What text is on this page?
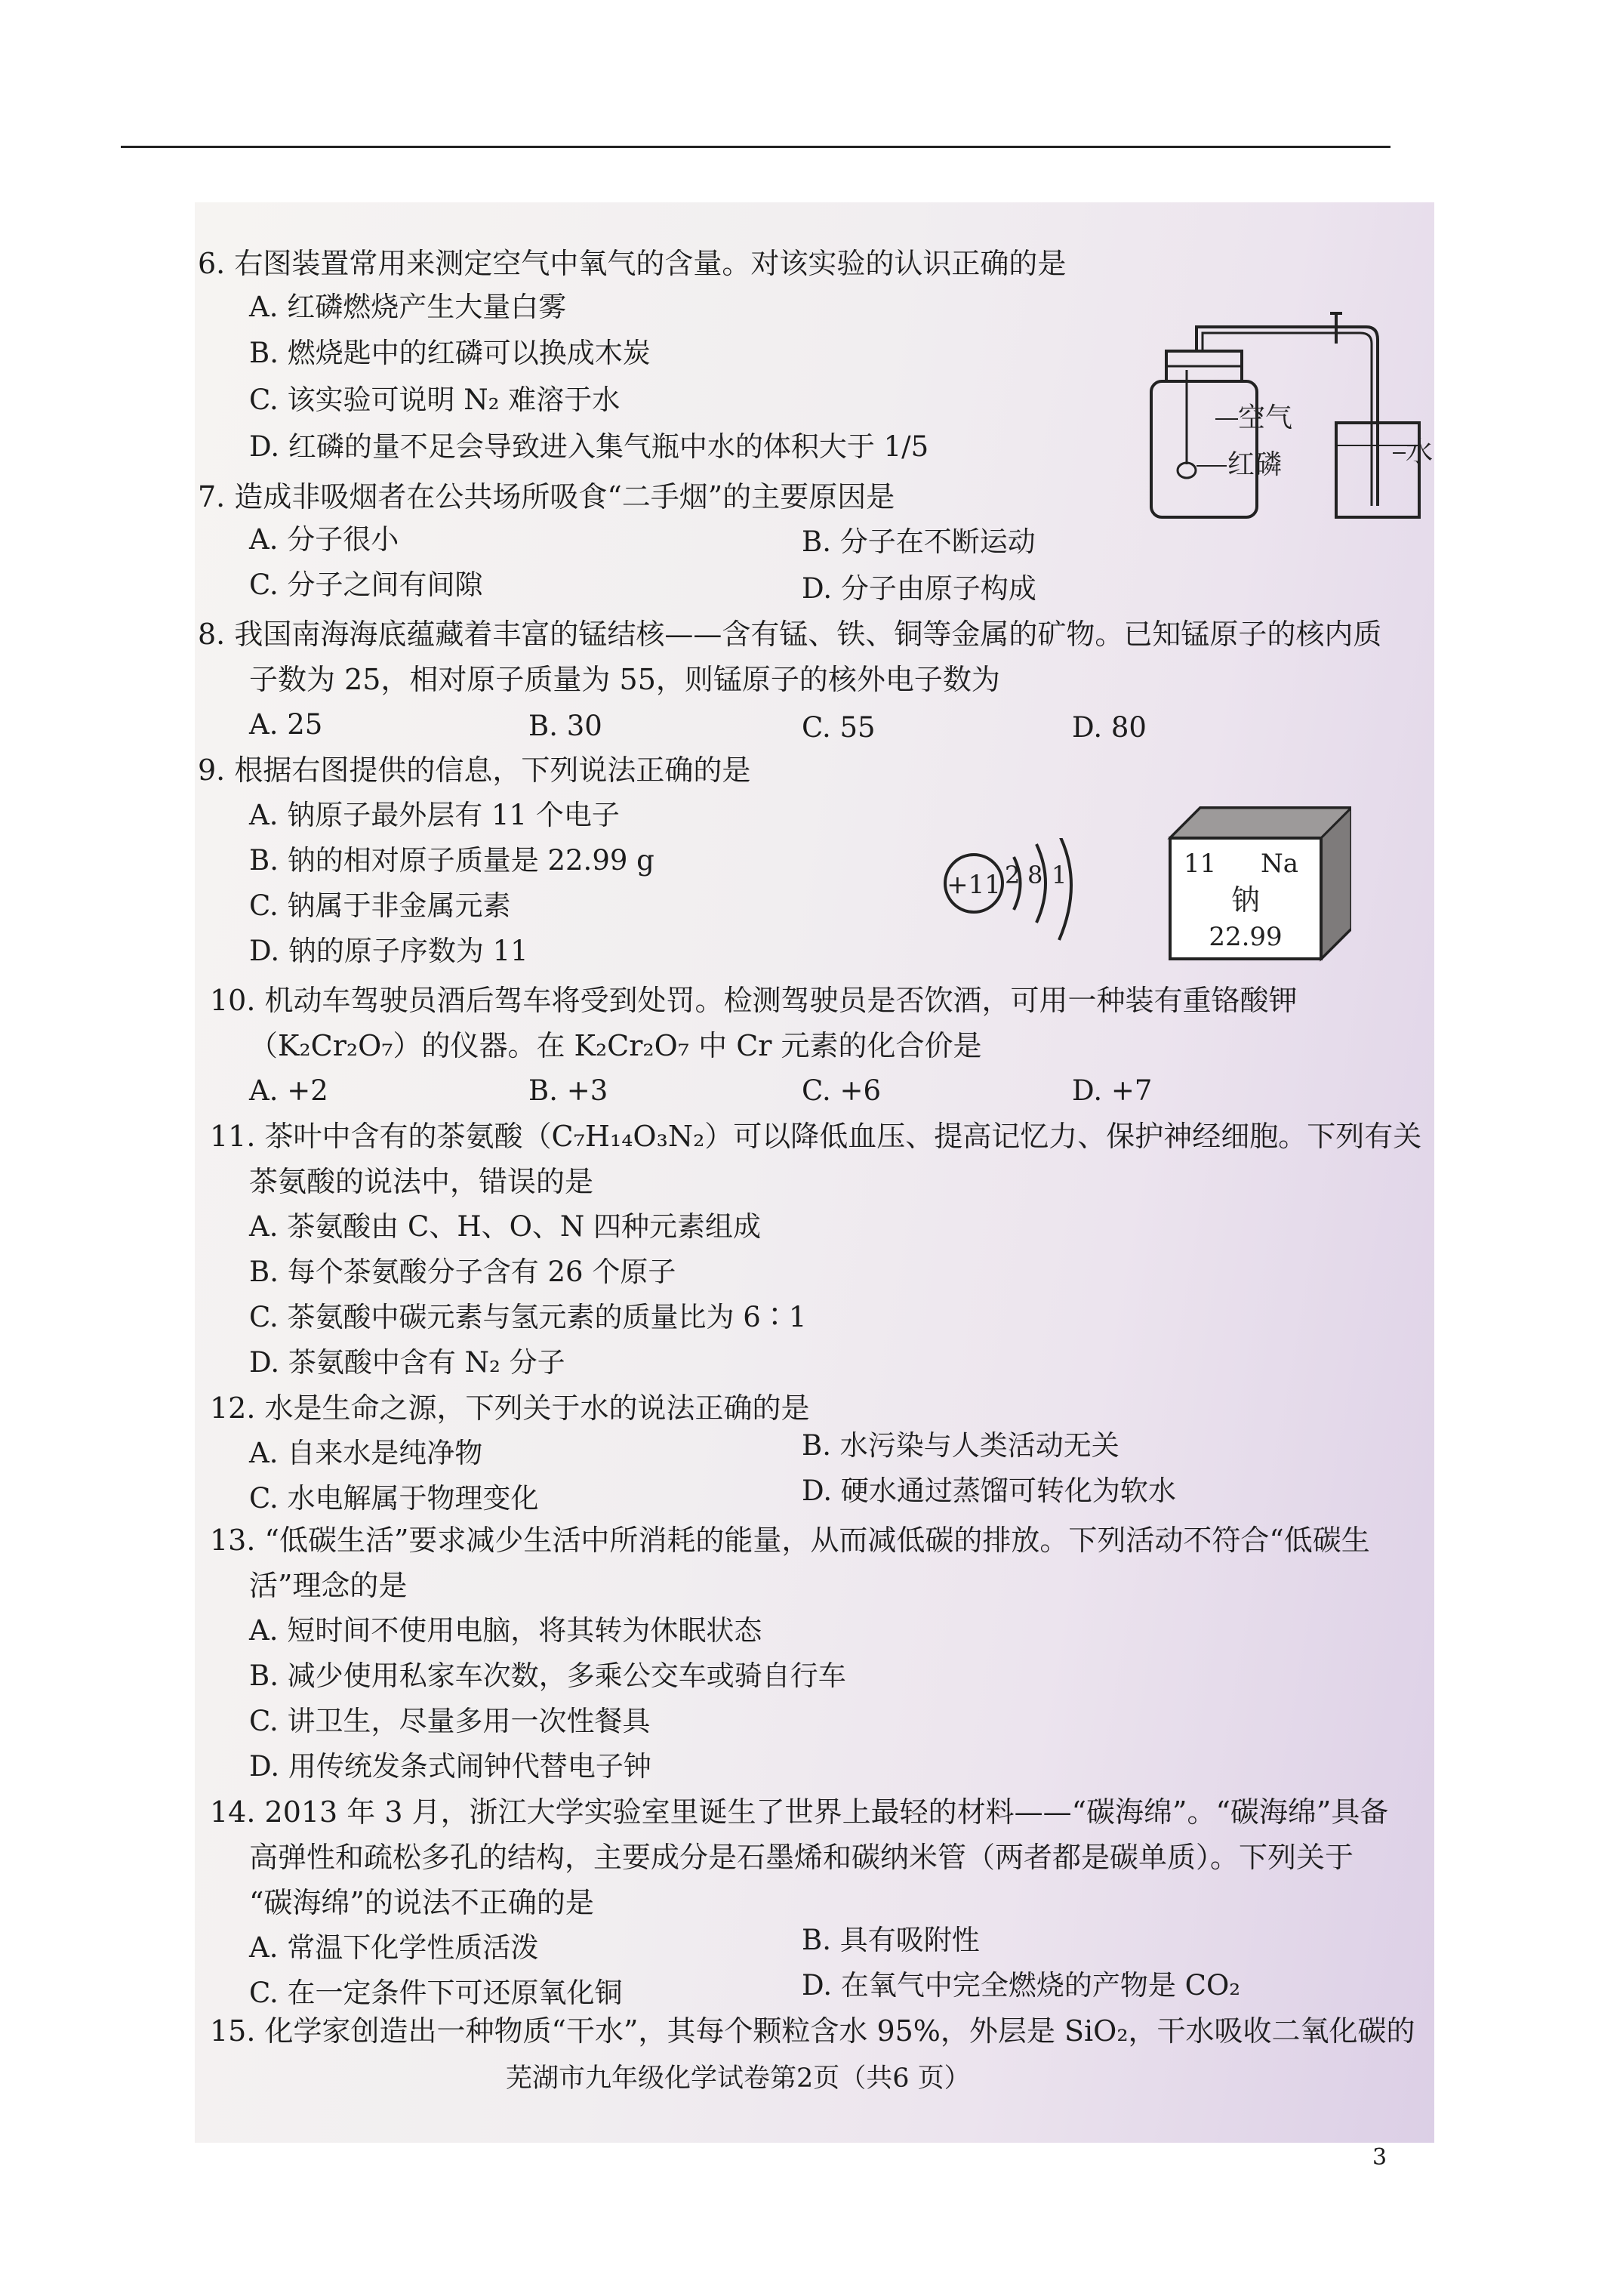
6. 右图装置常用来测定空气中氧气的含量。对该实验的认识正确的是
A. 红磷燃烧产生大量白雾
B. 燃烧匙中的红磷可以换成木炭
C. 该实验可说明 N₂ 难溶于水
D. 红磷的量不足会导致进入集气瓶中水的体积大于 1/5
空气
红磷	水
7. 造成非吸烟者在公共场所吸食“二手烟”的主要原因是
A. 分子很小	B. 分子在不断运动
C. 分子之间有间隙	D. 分子由原子构成
8. 我国南海海底蕴藏着丰富的锰结核——含有锰、铁、铜等金属的矿物。已知锰原子的核内质
子数为 25，相对原子质量为 55，则锰原子的核外电子数为
A. 25	B. 30	C. 55	D. 80
9. 根据右图提供的信息，下列说法正确的是
A. 钠原子最外层有 11 个电子
B. 钠的相对原子质量是 22.99 g
C. 钠属于非金属元素
D. 钠的原子序数为 11
+11 2 8 1	11 Na
钠
22.99
10. 机动车驾驶员酒后驾车将受到处罚。检测驾驶员是否饮酒，可用一种装有重铬酸钾
（K₂Cr₂O₇）的仪器。在 K₂Cr₂O₇ 中 Cr 元素的化合价是
A. +2	B. +3	C. +6	D. +7
11. 茶叶中含有的茶氨酸（C₇H₁₄O₃N₂）可以降低血压、提高记忆力、保护神经细胞。下列有关
茶氨酸的说法中，错误的是
A. 茶氨酸由 C、H、O、N 四种元素组成
B. 每个茶氨酸分子含有 26 个原子
C. 茶氨酸中碳元素与氢元素的质量比为 6∶1
D. 茶氨酸中含有 N₂ 分子
12. 水是生命之源，下列关于水的说法正确的是
A. 自来水是纯净物	B. 水污染与人类活动无关
C. 水电解属于物理变化	D. 硬水通过蒸馏可转化为软水
13. “低碳生活”要求减少生活中所消耗的能量，从而减低碳的排放。下列活动不符合“低碳生
活”理念的是
A. 短时间不使用电脑，将其转为休眠状态
B. 减少使用私家车次数，多乘公交车或骑自行车
C. 讲卫生，尽量多用一次性餐具
D. 用传统发条式闹钟代替电子钟
14. 2013 年 3 月，浙江大学实验室里诞生了世界上最轻的材料——“碳海绵”。“碳海绵”具备
高弹性和疏松多孔的结构，主要成分是石墨烯和碳纳米管（两者都是碳单质）。下列关于
“碳海绵”的说法不正确的是
A. 常温下化学性质活泼	B. 具有吸附性
C. 在一定条件下可还原氧化铜	D. 在氧气中完全燃烧的产物是 CO₂
15. 化学家创造出一种物质“干水”，其每个颗粒含水 95%，外层是 SiO₂，干水吸收二氧化碳的
芜湖市九年级化学试卷第2页（共6 页）
3
